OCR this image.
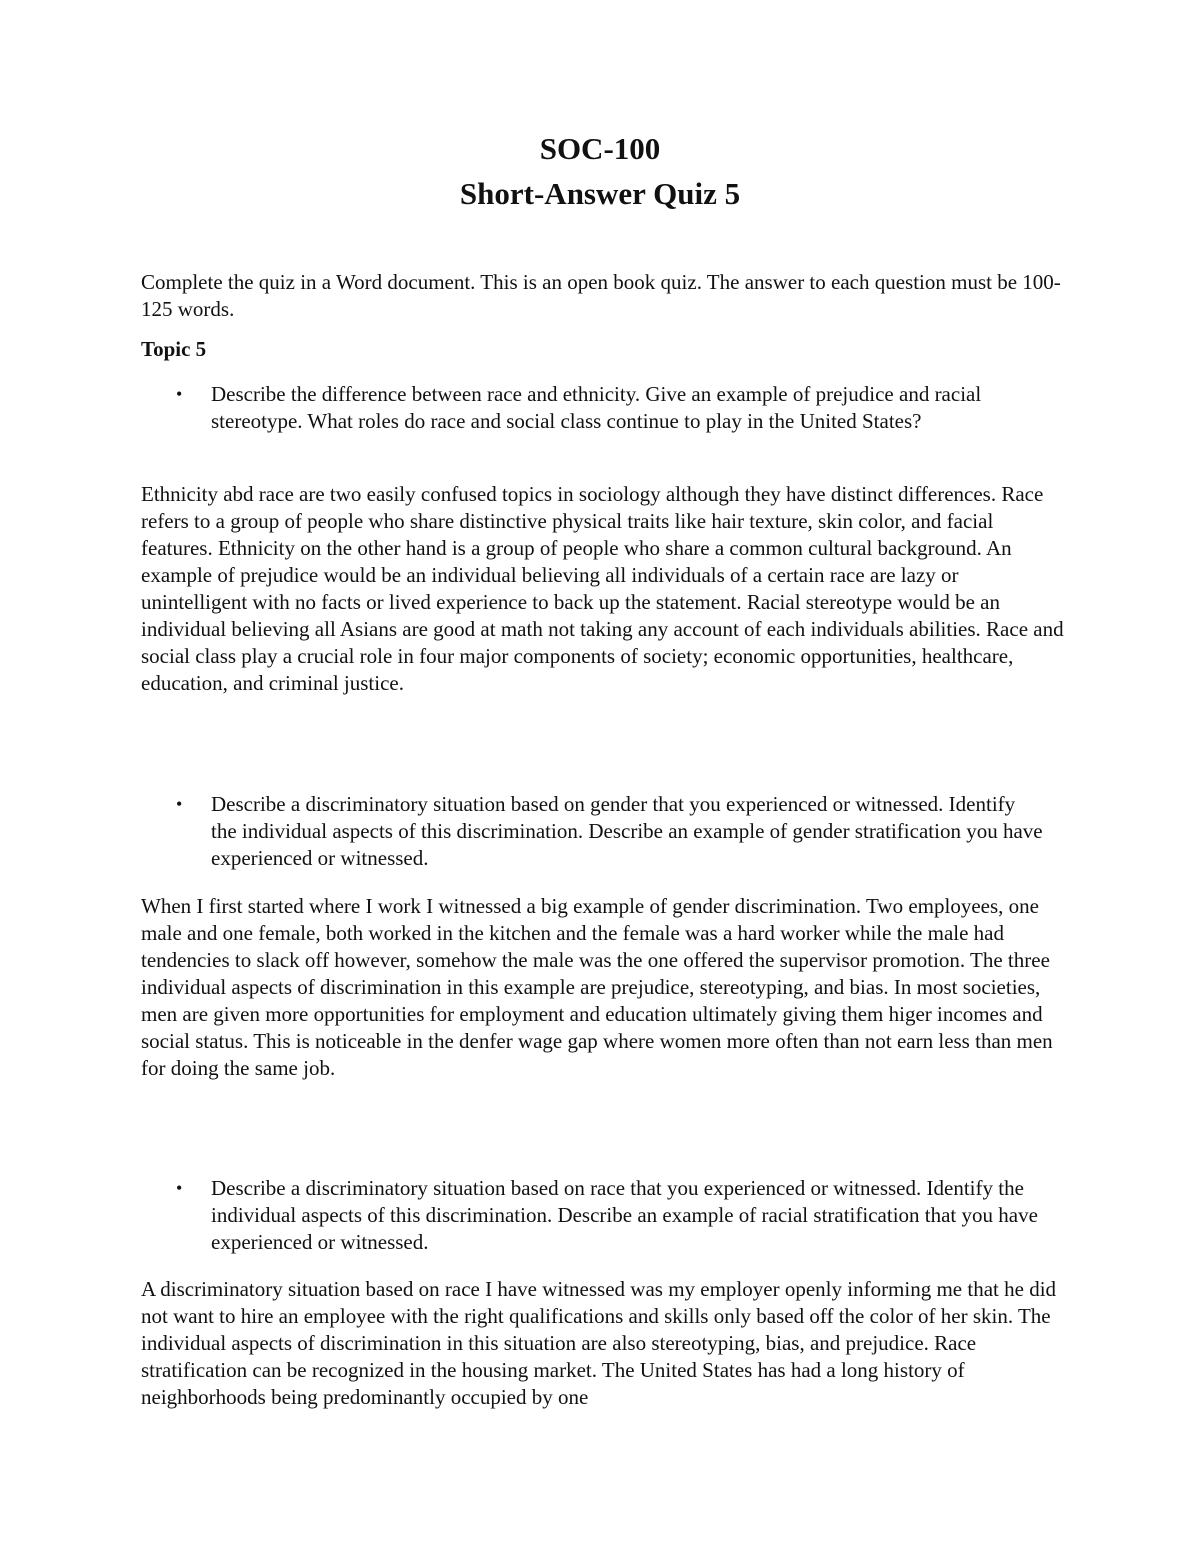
SOC-100
Short-Answer Quiz 5

Complete the quiz in a Word document. This is an open book quiz. The answer to each question must be 100-125 words.

Topic 5

• Describe the difference between race and ethnicity. Give an example of prejudice and racial stereotype. What roles do race and social class continue to play in the United States?

Ethnicity abd race are two easily confused topics in sociology although they have distinct differences. Race refers to a group of people who share distinctive physical traits like hair texture, skin color, and facial features. Ethnicity on the other hand is a group of people who share a common cultural background. An example of prejudice would be an individual believing all individuals of a certain race are lazy or unintelligent with no facts or lived experience to back up the statement. Racial stereotype would be an individual believing all Asians are good at math not taking any account of each individuals abilities. Race and social class play a crucial role in four major components of society; economic opportunities, healthcare, education, and criminal justice.

• Describe a discriminatory situation based on gender that you experienced or witnessed. Identify the individual aspects of this discrimination. Describe an example of gender stratification you have experienced or witnessed.

When I first started where I work I witnessed a big example of gender discrimination. Two employees, one male and one female, both worked in the kitchen and the female was a hard worker while the male had tendencies to slack off however, somehow the male was the one offered the supervisor promotion. The three individual aspects of discrimination in this example are prejudice, stereotyping, and bias. In most societies, men are given more opportunities for employment and education ultimately giving them higer incomes and social status. This is noticeable in the denfer wage gap where women more often than not earn less than men for doing the same job.

• Describe a discriminatory situation based on race that you experienced or witnessed. Identify the individual aspects of this discrimination. Describe an example of racial stratification that you have experienced or witnessed.

A discriminatory situation based on race I have witnessed was my employer openly informing me that he did not want to hire an employee with the right qualifications and skills only based off the color of her skin. The individual aspects of discrimination in this situation are also stereotyping, bias, and prejudice. Race stratification can be recognized in the housing market. The United States has had a long history of neighborhoods being predominantly occupied by one
